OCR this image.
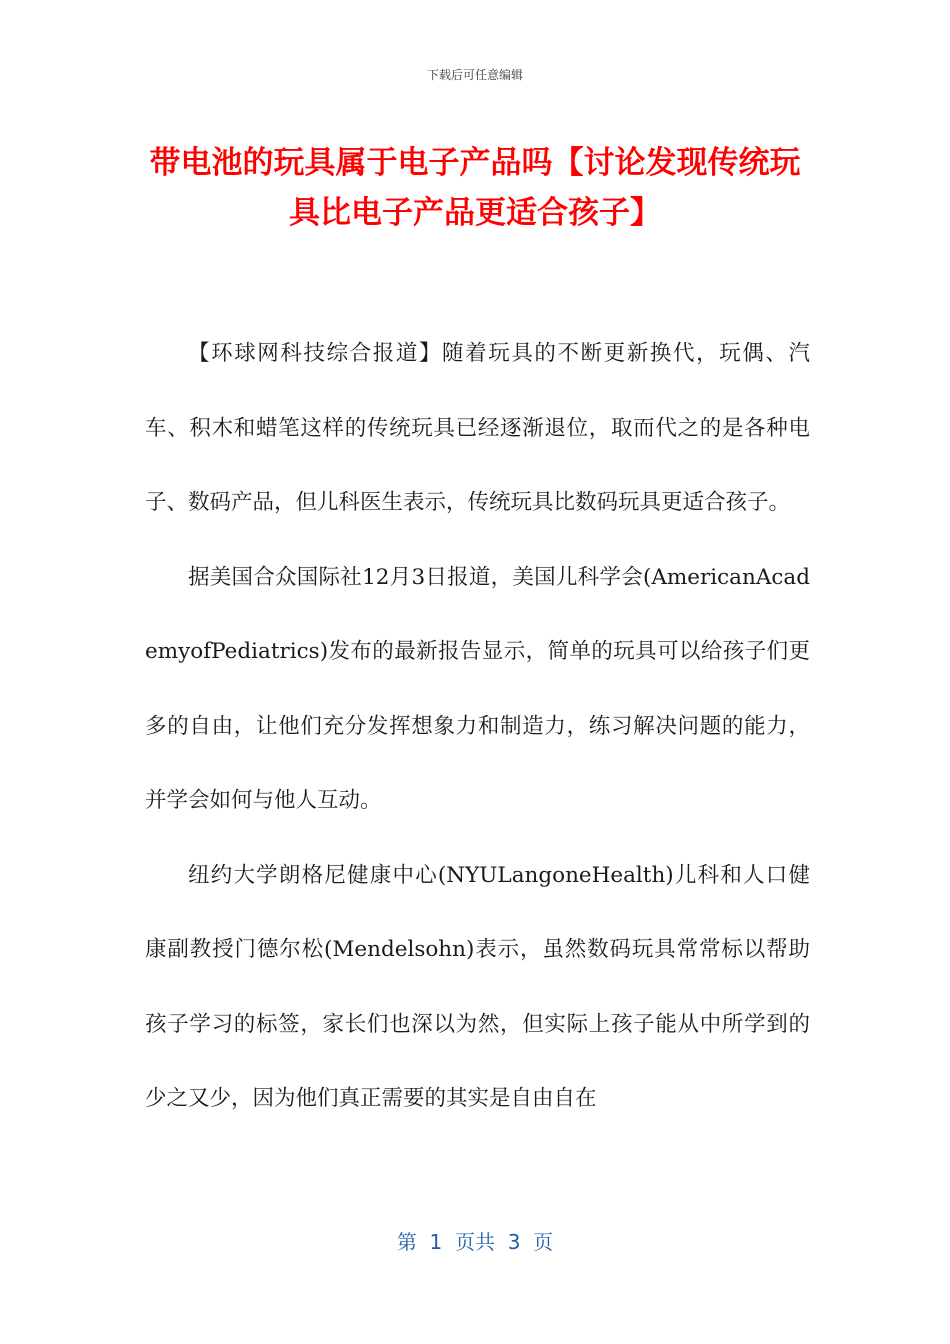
下载后可任意编辑
带电池的玩具属于电子产品吗【讨论发现传统玩具比电子产品更适合孩子】

【环球网科技综合报道】随着玩具的不断更新换代，玩偶、汽车、积木和蜡笔这样的传统玩具已经逐渐退位，取而代之的是各种电子、数码产品，但儿科医生表示，传统玩具比数码玩具更适合孩子。

据美国合众国际社12月3日报道，美国儿科学会(AmericanAcademyofPediatrics)发布的最新报告显示，简单的玩具可以给孩子们更多的自由，让他们充分发挥想象力和制造力，练习解决问题的能力，并学会如何与他人互动。

纽约大学朗格尼健康中心(NYULangoneHealth)儿科和人口健康副教授门德尔松(Mendelsohn)表示，虽然数码玩具常常标以帮助孩子学习的标签，家长们也深以为然，但实际上孩子能从中所学到的少之又少，因为他们真正需要的其实是自由自在

第  1  页共  3  页
